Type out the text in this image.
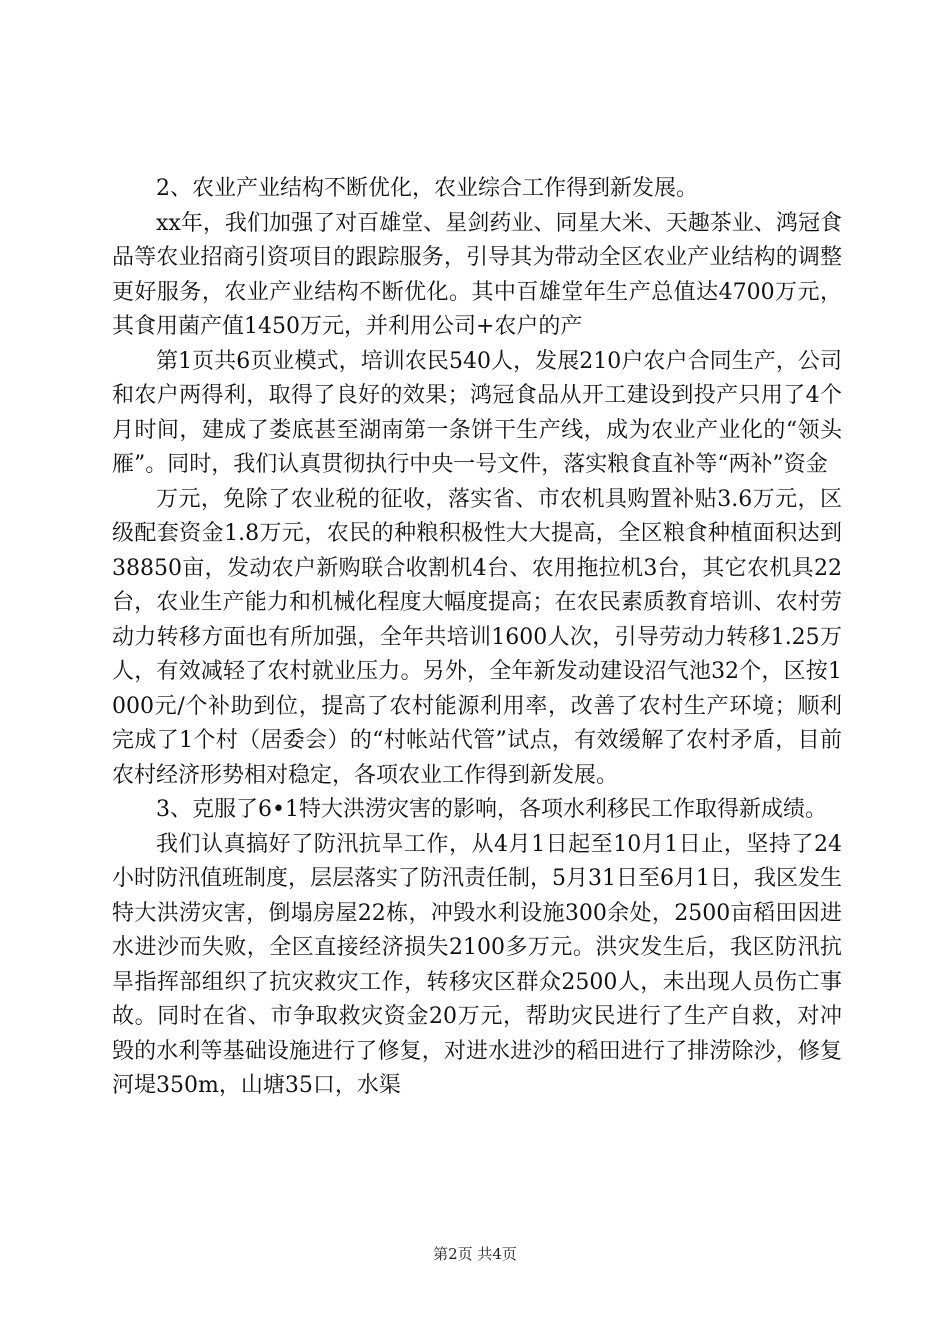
2、农业产业结构不断优化，农业综合工作得到新发展。

xx年，我们加强了对百雄堂、星剑药业、同星大米、天趣茶业、鸿冠食品等农业招商引资项目的跟踪服务，引导其为带动全区农业产业结构的调整更好服务，农业产业结构不断优化。其中百雄堂年生产总值达4700万元，其食用菌产值1450万元，并利用公司+农户的产

第1页共6页业模式，培训农民540人，发展210户农户合同生产，公司和农户两得利，取得了良好的效果；鸿冠食品从开工建设到投产只用了4个月时间，建成了娄底甚至湖南第一条饼干生产线，成为农业产业化的“领头雁”。同时，我们认真贯彻执行中央一号文件，落实粮食直补等“两补”资金

万元，免除了农业税的征收，落实省、市农机具购置补贴3.6万元，区级配套资金1.8万元，农民的种粮积极性大大提高，全区粮食种植面积达到38850亩，发动农户新购联合收割机4台、农用拖拉机3台，其它农机具22台，农业生产能力和机械化程度大幅度提高；在农民素质教育培训、农村劳动力转移方面也有所加强，全年共培训1600人次，引导劳动力转移1.25万人，有效减轻了农村就业压力。另外，全年新发动建设沼气池32个，区按1000元/个补助到位，提高了农村能源利用率，改善了农村生产环境；顺利完成了1个村（居委会）的“村帐站代管”试点，有效缓解了农村矛盾，目前农村经济形势相对稳定，各项农业工作得到新发展。

3、克服了6•1特大洪涝灾害的影响，各项水利移民工作取得新成绩。

我们认真搞好了防汛抗旱工作，从4月1日起至10月1日止，坚持了24小时防汛值班制度，层层落实了防汛责任制，5月31日至6月1日，我区发生特大洪涝灾害，倒塌房屋22栋，冲毁水利设施300余处，2500亩稻田因进水进沙而失败，全区直接经济损失2100多万元。洪灾发生后，我区防汛抗旱指挥部组织了抗灾救灾工作，转移灾区群众2500人，未出现人员伤亡事故。同时在省、市争取救灾资金20万元，帮助灾民进行了生产自救，对冲毁的水利等基础设施进行了修复，对进水进沙的稻田进行了排涝除沙，修复河堤350m，山塘35口，水渠

第2页 共4页
